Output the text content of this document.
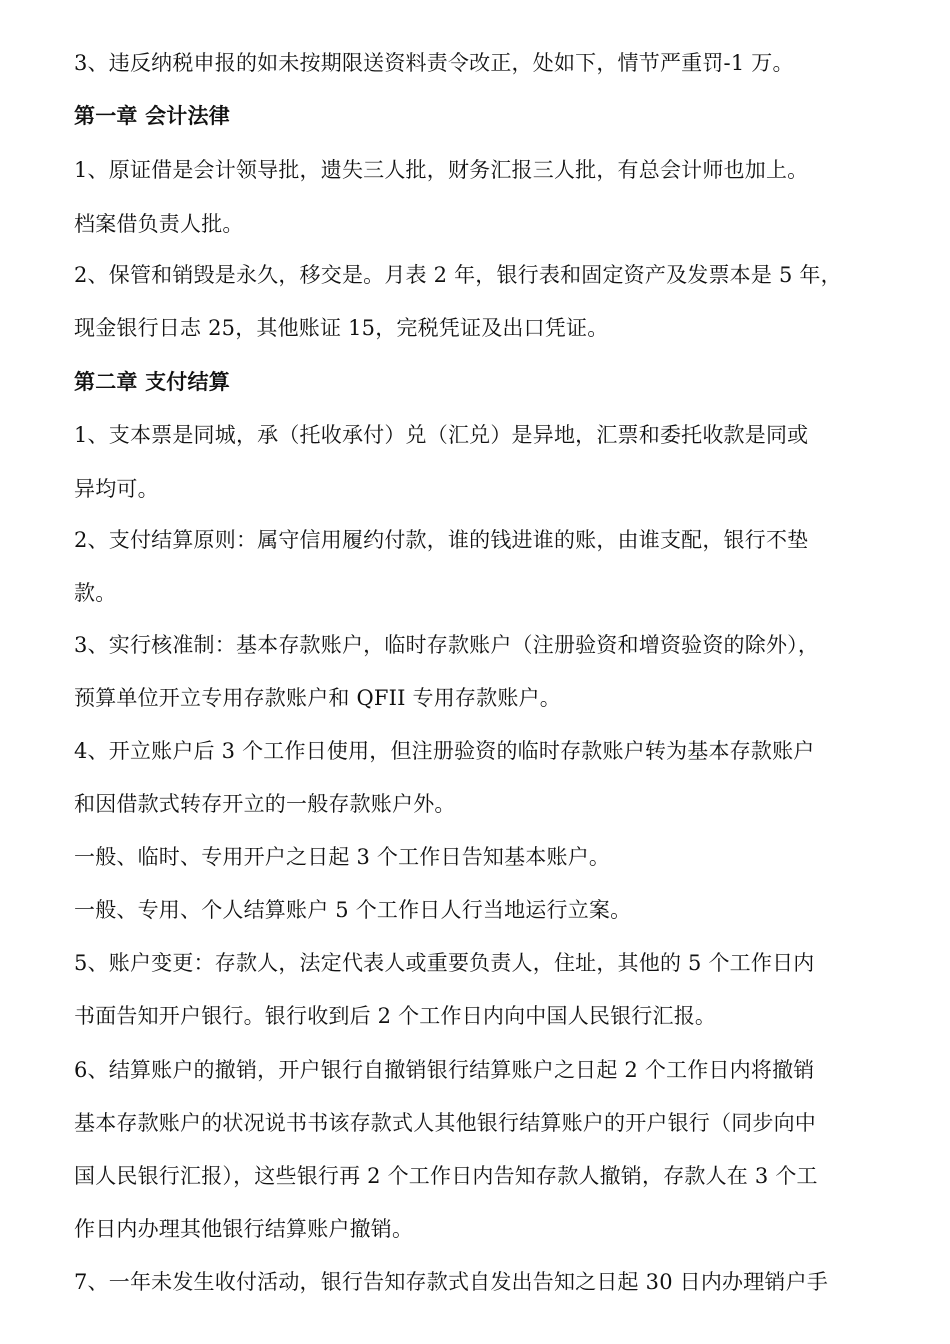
3、违反纳税申报的如未按期限送资料责令改正，处如下，情节严重罚-1 万。
第一章 会计法律
1、原证借是会计领导批，遗失三人批，财务汇报三人批，有总会计师也加上。
档案借负责人批。
2、保管和销毁是永久，移交是。月表 2 年，银行表和固定资产及发票本是 5 年，
现金银行日志 25，其他账证 15，完税凭证及出口凭证。
第二章 支付结算
1、支本票是同城，承（托收承付）兑（汇兑）是异地，汇票和委托收款是同或
异均可。
2、支付结算原则：属守信用履约付款，谁的钱进谁的账，由谁支配，银行不垫
款。
3、实行核准制：基本存款账户，临时存款账户（注册验资和增资验资的除外），
预算单位开立专用存款账户和 QFII 专用存款账户。
4、开立账户后 3 个工作日使用，但注册验资的临时存款账户转为基本存款账户
和因借款式转存开立的一般存款账户外。
一般、临时、专用开户之日起 3 个工作日告知基本账户。
一般、专用、个人结算账户 5 个工作日人行当地运行立案。
5、账户变更：存款人，法定代表人或重要负责人，住址，其他的 5 个工作日内
书面告知开户银行。银行收到后 2 个工作日内向中国人民银行汇报。
6、结算账户的撤销，开户银行自撤销银行结算账户之日起 2 个工作日内将撤销
基本存款账户的状况说书书该存款式人其他银行结算账户的开户银行（同步向中
国人民银行汇报），这些银行再 2 个工作日内告知存款人撤销，存款人在 3 个工
作日内办理其他银行结算账户撤销。
7、一年未发生收付活动，银行告知存款式自发出告知之日起 30 日内办理销户手
